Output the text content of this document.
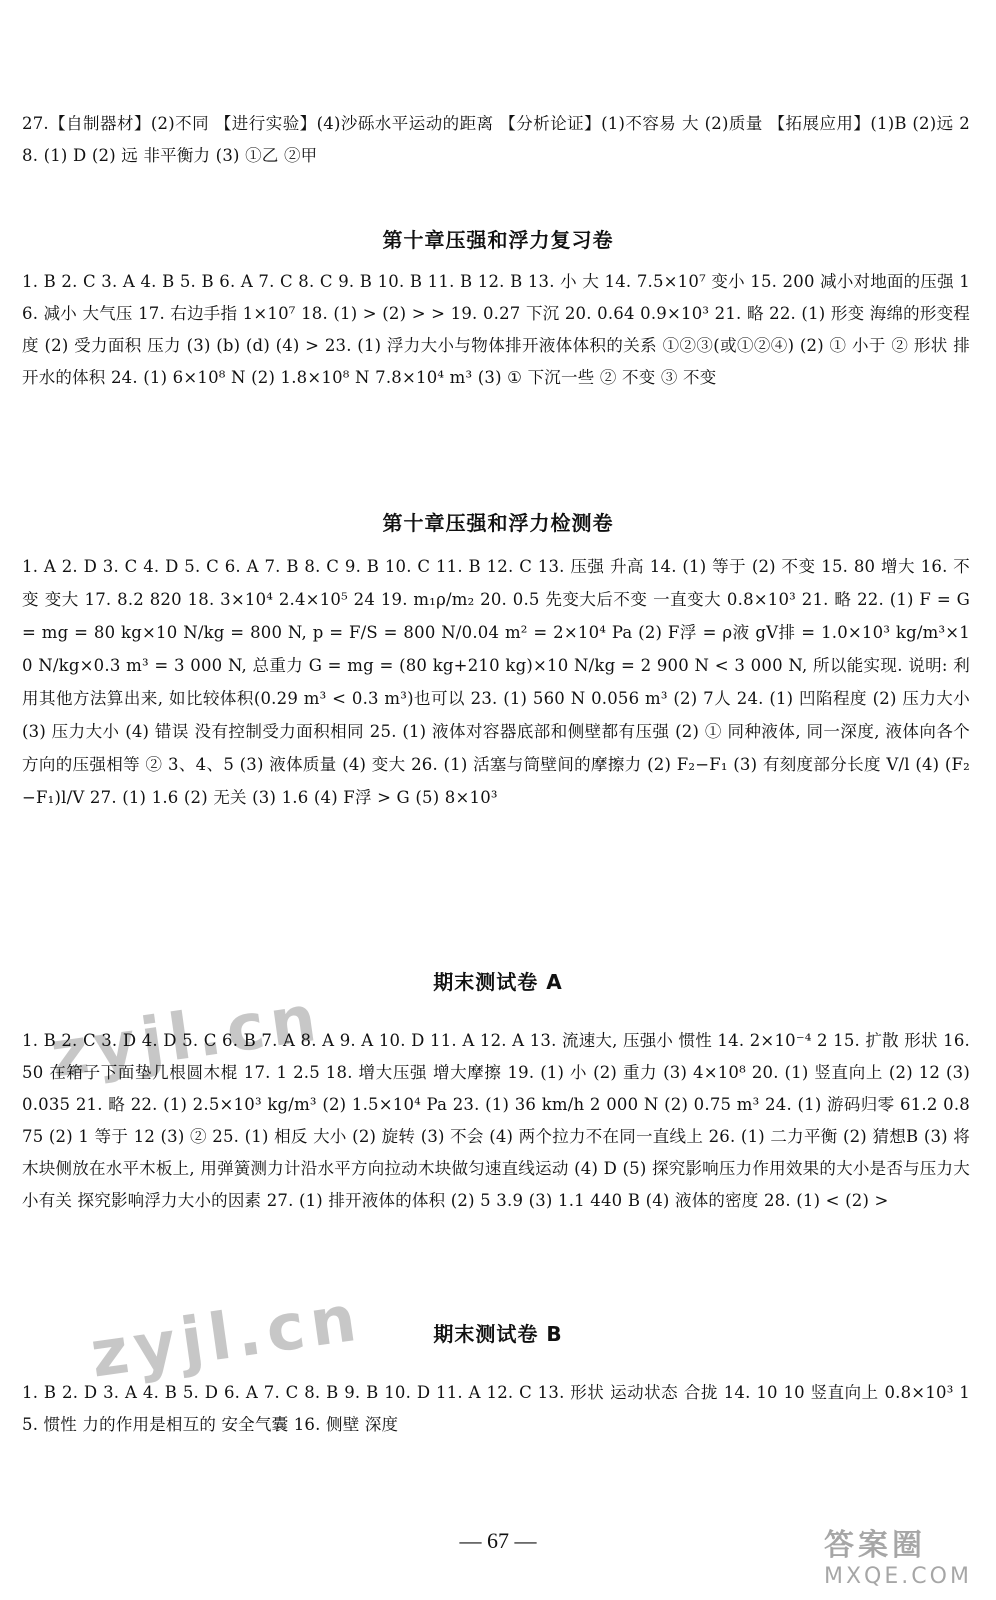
27.【自制器材】(2)不同 【进行实验】(4)沙砾水平运动的距离 【分析论证】(1)不容易 大 (2)质量 【拓展应用】(1)B (2)远 28. (1) D (2) 远 非平衡力 (3) ①乙 ②甲
第十章压强和浮力复习卷
1. B 2. C 3. A 4. B 5. B 6. A 7. C 8. C 9. B 10. B 11. B 12. B 13. 小 大 14. 7.5×10⁷ 变小 15. 200 减小对地面的压强 16. 减小 大气压 17. 右边手指 1×10⁷ 18. (1) > (2) > > 19. 0.27 下沉 20. 0.64 0.9×10³ 21. 略 22. (1) 形变 海绵的形变程度 (2) 受力面积 压力 (3) (b) (d) (4) > 23. (1) 浮力大小与物体排开液体体积的关系 ①②③(或①②④) (2) ① 小于 ② 形状 排开水的体积 24. (1) 6×10⁸ N (2) 1.8×10⁸ N 7.8×10⁴ m³ (3) ① 下沉一些 ② 不变 ③ 不变
第十章压强和浮力检测卷
1. A 2. D 3. C 4. D 5. C 6. A 7. B 8. C 9. B 10. C 11. B 12. C 13. 压强 升高 14. (1) 等于 (2) 不变 15. 80 增大 16. 不变 变大 17. 8.2 820 18. 3×10⁴ 2.4×10⁵ 24 19. m₁ρ/m₂ 20. 0.5 先变大后不变 一直变大 0.8×10³ 21. 略 22. (1) F = G = mg = 80 kg×10 N/kg = 800 N, p = F/S = 800 N/0.04 m² = 2×10⁴ Pa (2) F浮 = ρ液 gV排 = 1.0×10³ kg/m³×10 N/kg×0.3 m³ = 3 000 N, 总重力 G = mg = (80 kg+210 kg)×10 N/kg = 2 900 N < 3 000 N, 所以能实现. 说明: 利用其他方法算出来, 如比较体积(0.29 m³ < 0.3 m³)也可以 23. (1) 560 N 0.056 m³ (2) 7人 24. (1) 凹陷程度 (2) 压力大小 (3) 压力大小 (4) 错误 没有控制受力面积相同 25. (1) 液体对容器底部和侧壁都有压强 (2) ① 同种液体, 同一深度, 液体向各个方向的压强相等 ② 3、4、5 (3) 液体质量 (4) 变大 26. (1) 活塞与筒壁间的摩擦力 (2) F₂−F₁ (3) 有刻度部分长度 V/l (4) (F₂−F₁)l/V 27. (1) 1.6 (2) 无关 (3) 1.6 (4) F浮 > G (5) 8×10³
期末测试卷 A
1. B 2. C 3. D 4. D 5. C 6. B 7. A 8. A 9. A 10. D 11. A 12. A 13. 流速大, 压强小 惯性 14. 2×10⁻⁴ 2 15. 扩散 形状 16. 50 在箱子下面垫几根圆木棍 17. 1 2.5 18. 增大压强 增大摩擦 19. (1) 小 (2) 重力 (3) 4×10⁸ 20. (1) 竖直向上 (2) 12 (3) 0.035 21. 略 22. (1) 2.5×10³ kg/m³ (2) 1.5×10⁴ Pa 23. (1) 36 km/h 2 000 N (2) 0.75 m³ 24. (1) 游码归零 61.2 0.875 (2) 1 等于 12 (3) ② 25. (1) 相反 大小 (2) 旋转 (3) 不会 (4) 两个拉力不在同一直线上 26. (1) 二力平衡 (2) 猜想B (3) 将木块侧放在水平木板上, 用弹簧测力计沿水平方向拉动木块做匀速直线运动 (4) D (5) 探究影响压力作用效果的大小是否与压力大小有关 探究影响浮力大小的因素 27. (1) 排开液体的体积 (2) 5 3.9 (3) 1.1 440 B (4) 液体的密度 28. (1) < (2) >
期末测试卷 B
1. B 2. D 3. A 4. B 5. D 6. A 7. C 8. B 9. B 10. D 11. A 12. C 13. 形状 运动状态 合拢 14. 10 10 竖直向上 0.8×10³ 15. 惯性 力的作用是相互的 安全气囊 16. 侧壁 深度
— 67 —
zyjl.cn
zyjl.cn
答案圈
MXQE.COM
